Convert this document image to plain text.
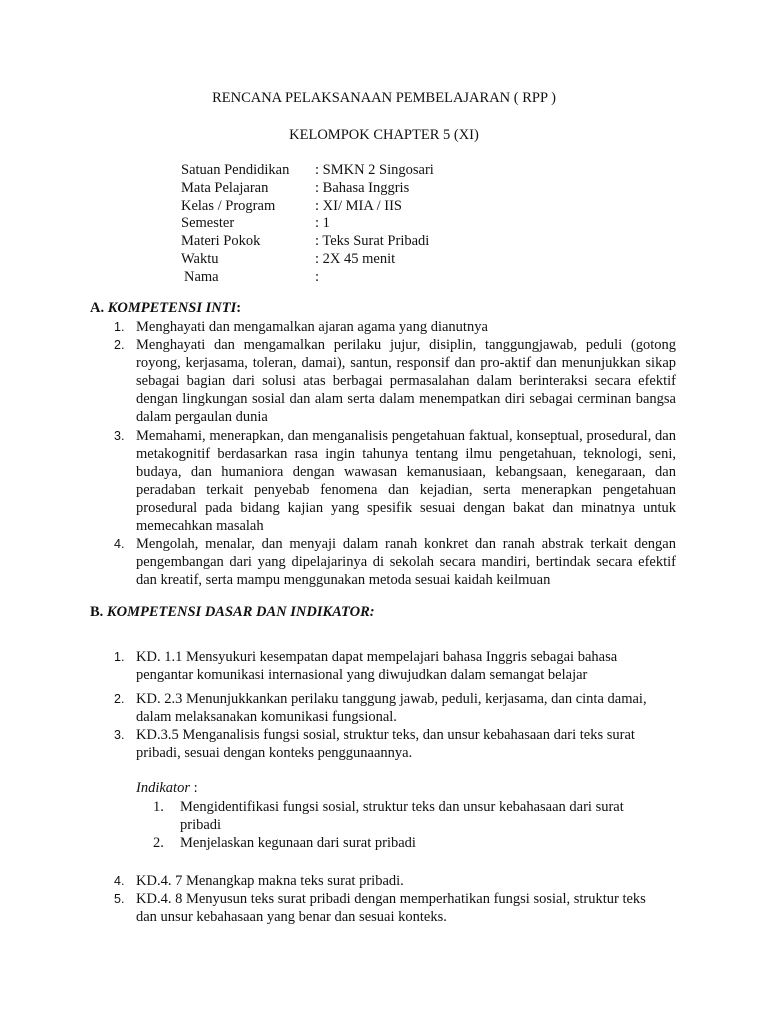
RENCANA PELAKSANAAN PEMBELAJARAN ( RPP )
KELOMPOK CHAPTER 5 (XI)
Satuan Pendidikan : SMKN 2 Singosari
Mata Pelajaran	: Bahasa Inggris
Kelas / Program	: XI/ MIA / IIS
Semester	: 1
Materi Pokok	: Teks Surat Pribadi
Waktu	: 2X 45 menit
Nama	:
A. KOMPETENSI INTI:
1. Menghayati dan mengamalkan ajaran agama yang dianutnya
2. Menghayati dan mengamalkan perilaku jujur, disiplin, tanggungjawab, peduli (gotong royong, kerjasama, toleran, damai), santun, responsif dan pro-aktif dan menunjukkan sikap sebagai bagian dari solusi atas berbagai permasalahan dalam berinteraksi secara efektif dengan lingkungan sosial dan alam serta dalam menempatkan diri sebagai cerminan bangsa dalam pergaulan dunia
3. Memahami, menerapkan, dan menganalisis pengetahuan faktual, konseptual, prosedural, dan metakognitif berdasarkan rasa ingin tahunya tentang ilmu pengetahuan, teknologi, seni, budaya, dan humaniora dengan wawasan kemanusiaan, kebangsaan, kenegaraan, dan peradaban terkait penyebab fenomena dan kejadian, serta menerapkan pengetahuan prosedural pada bidang kajian yang spesifik sesuai dengan bakat dan minatnya untuk memecahkan masalah
4. Mengolah, menalar, dan menyaji dalam ranah konkret dan ranah abstrak terkait dengan pengembangan dari yang dipelajarinya di sekolah secara mandiri, bertindak secara efektif dan kreatif, serta mampu menggunakan metoda sesuai kaidah keilmuan
B. KOMPETENSI DASAR DAN INDIKATOR:
1. KD. 1.1 Mensyukuri kesempatan dapat mempelajari bahasa Inggris sebagai bahasa
pengantar komunikasi internasional yang diwujudkan dalam semangat belajar
2. KD. 2.3 Menunjukkankan perilaku tanggung jawab, peduli, kerjasama, dan cinta damai,
dalam melaksanakan komunikasi fungsional.
3. KD.3.5 Menganalisis fungsi sosial, struktur teks, dan unsur kebahasaan dari teks surat
pribadi, sesuai dengan konteks penggunaannya.
Indikator :
1. Mengidentifikasi fungsi sosial, struktur teks dan unsur kebahasaan dari surat
pribadi
2. Menjelaskan kegunaan dari surat pribadi
4. KD.4. 7 Menangkap makna teks surat pribadi.
5. KD.4. 8 Menyusun teks surat pribadi dengan memperhatikan fungsi sosial, struktur teks
dan unsur kebahasaan yang benar dan sesuai konteks.
